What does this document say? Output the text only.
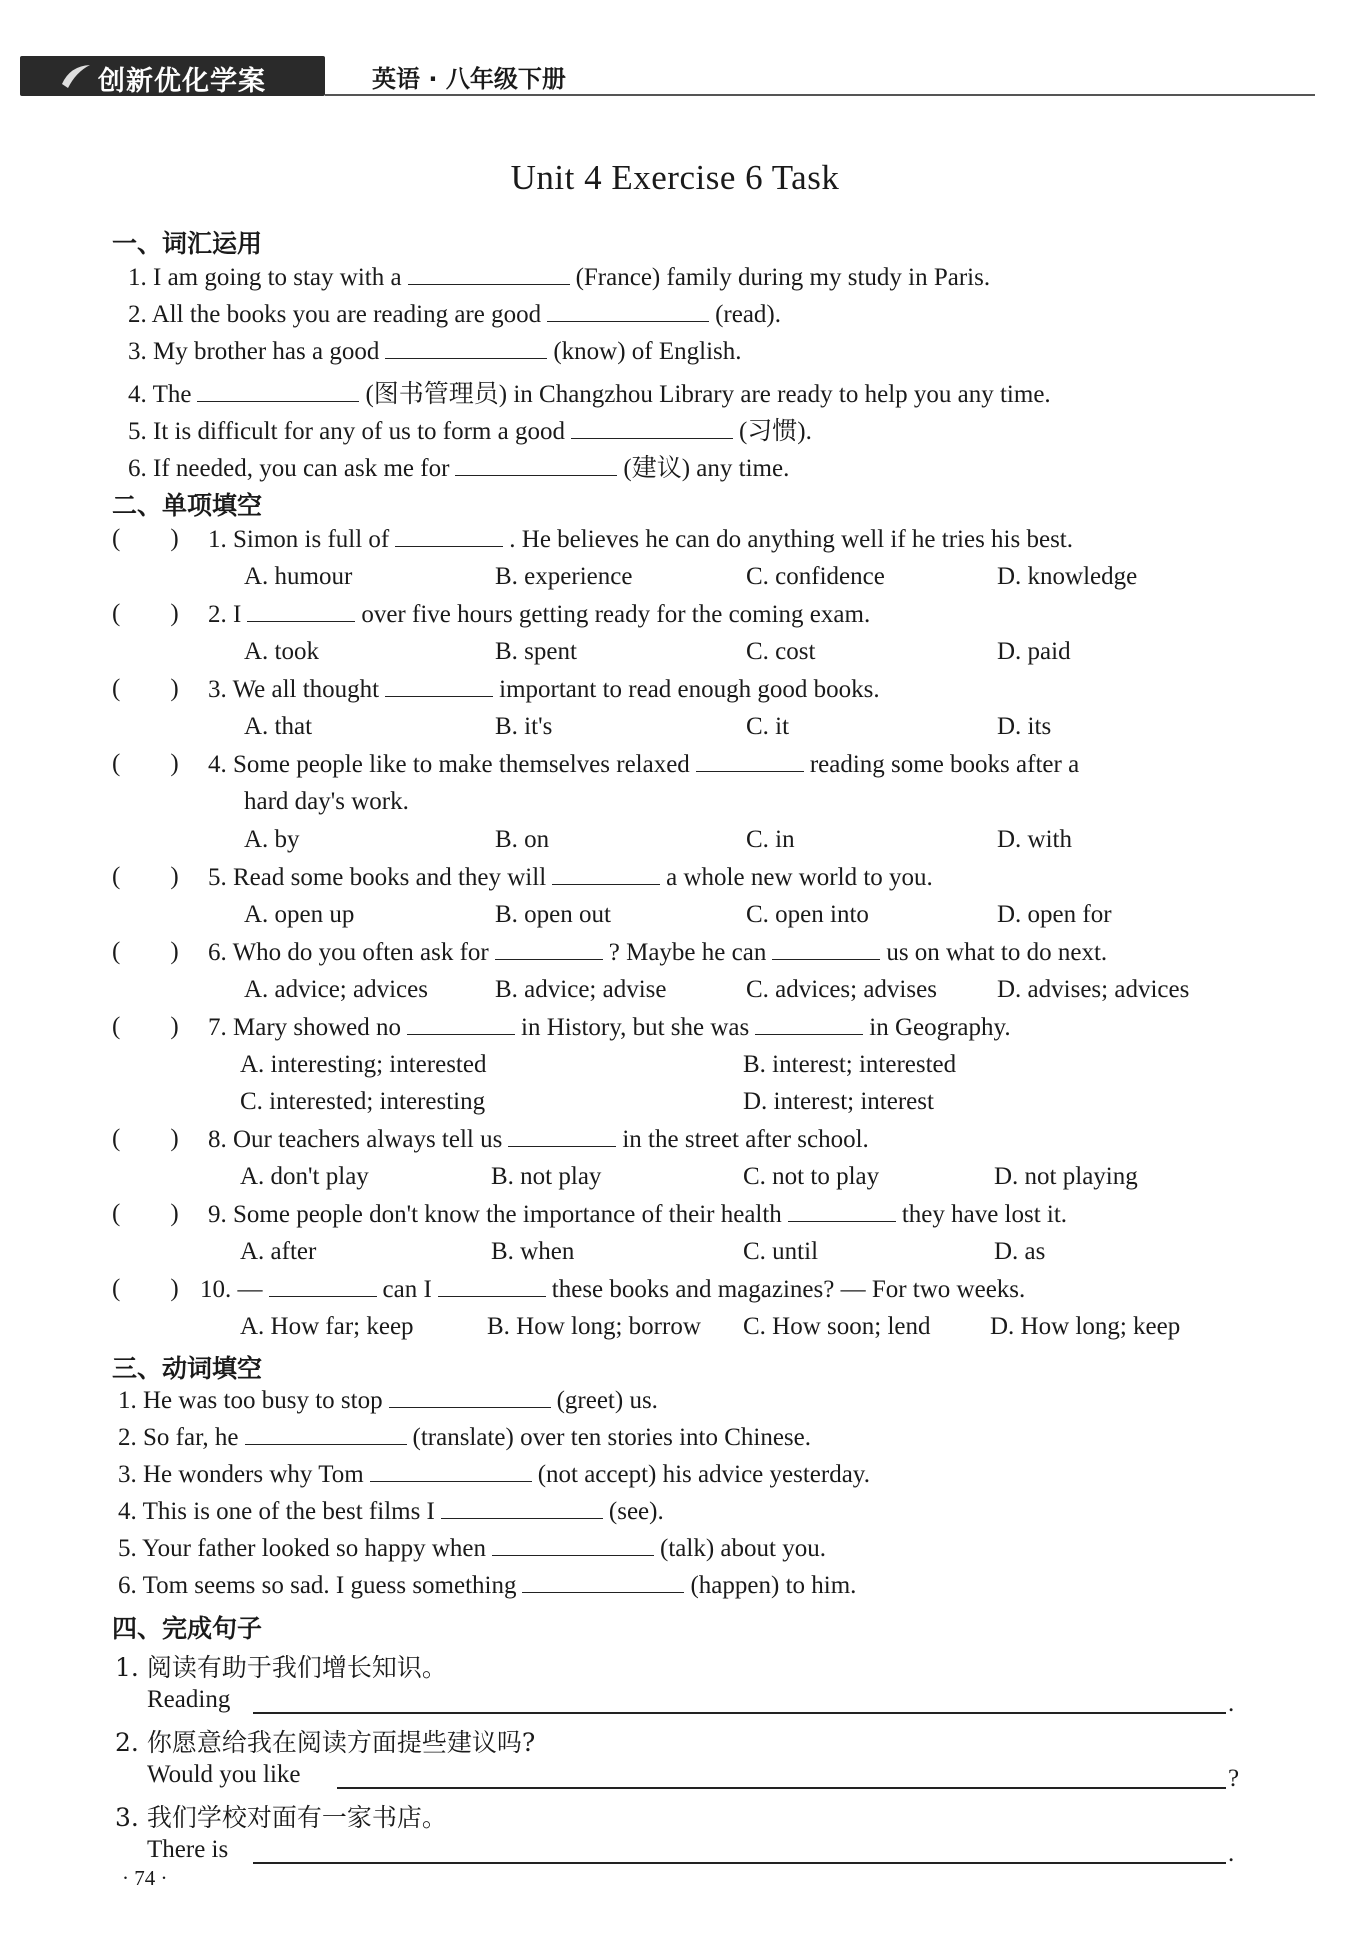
创新优化学案	英语 · 八年级下册
Unit 4 Exercise 6 Task
一、词汇运用
1. I am going to stay with a	(France) family during my study in Paris.
2. All the books you are reading are good	(read).
3. My brother has a good	(know) of English.
4. The	(图书管理员) in Changzhou Library are ready to help you any time.
5. It is difficult for any of us to form a good	(习惯).
6. If needed, you can ask me for	(建议) any time.
二、单项填空
(        ) 1. Simon is full of	. He believes he can do anything well if he tries his best.
A. humour	B. experience	C. confidence	D. knowledge
(        ) 2. I	over five hours getting ready for the coming exam.
A. took	B. spent	C. cost	D. paid
(        ) 3. We all thought	important to read enough good books.
A. that	B. it's	C. it	D. its
(        ) 4. Some people like to make themselves relaxed	reading some books after a
hard day's work.
A. by	B. on	C. in	D. with
(        ) 5. Read some books and they will	a whole new world to you.
A. open up	B. open out	C. open into	D. open for
(        ) 6. Who do you often ask for	? Maybe he can	us on what to do next.
A. advice; advices	B. advice; advise	C. advices; advises D. advises; advices
(        ) 7. Mary showed no	in History, but she was	in Geography.
A. interesting; interested	B. interest; interested
C. interested; interesting	D. interest; interest
(        ) 8. Our teachers always tell us	in the street after school.
A. don't play	B. not play	C. not to play	D. not playing
(        ) 9. Some people don't know the importance of their health	they have lost it.
A. after	B. when	C. until	D. as
(        ) 10. —	can I	these books and magazines? — For two weeks.
A. How far; keep	B. How long; borrow C. How soon; lend D. How long; keep
三、动词填空
1. He was too busy to stop	(greet) us.
2. So far, he	(translate) over ten stories into Chinese.
3. He wonders why Tom	(not accept) his advice yesterday.
4. This is one of the best films I	(see).
5. Your father looked so happy when	(talk) about you.
6. Tom seems so sad. I guess something	(happen) to him.
四、完成句子
1. 阅读有助于我们增长知识。
Reading	.
2. 你愿意给我在阅读方面提些建议吗?
Would you like	?
3. 我们学校对面有一家书店。
There is	.
· 74 ·
